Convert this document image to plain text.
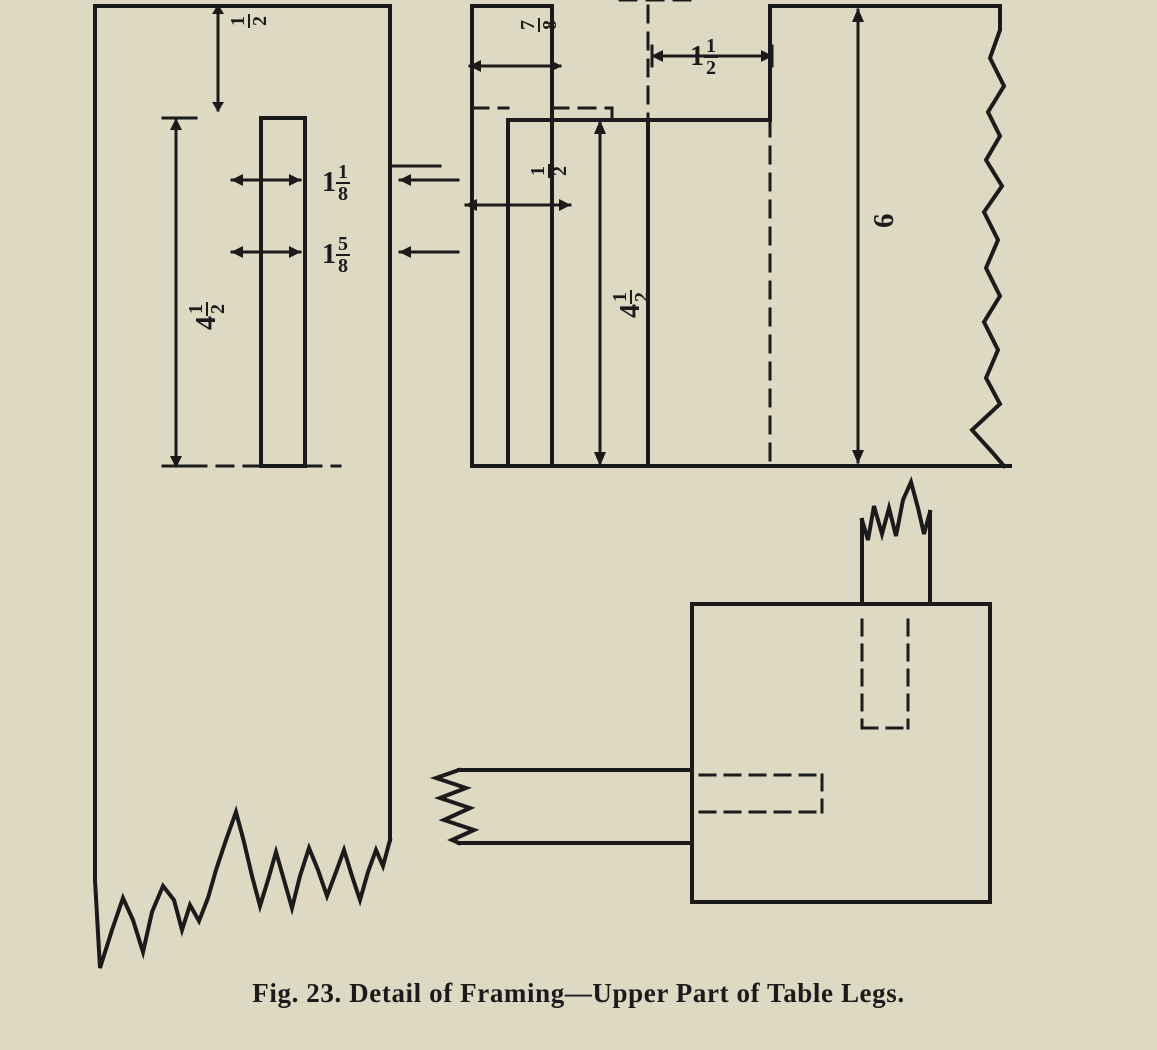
1 2
4
1 2
$1 \frac{1}{8}$
$1 \frac{5}{8}$
7 8
$1 \frac{1}{2}$
1 2
4
1 2
6
Fig. 23. Detail of Framing—Upper Part of Table Legs.
